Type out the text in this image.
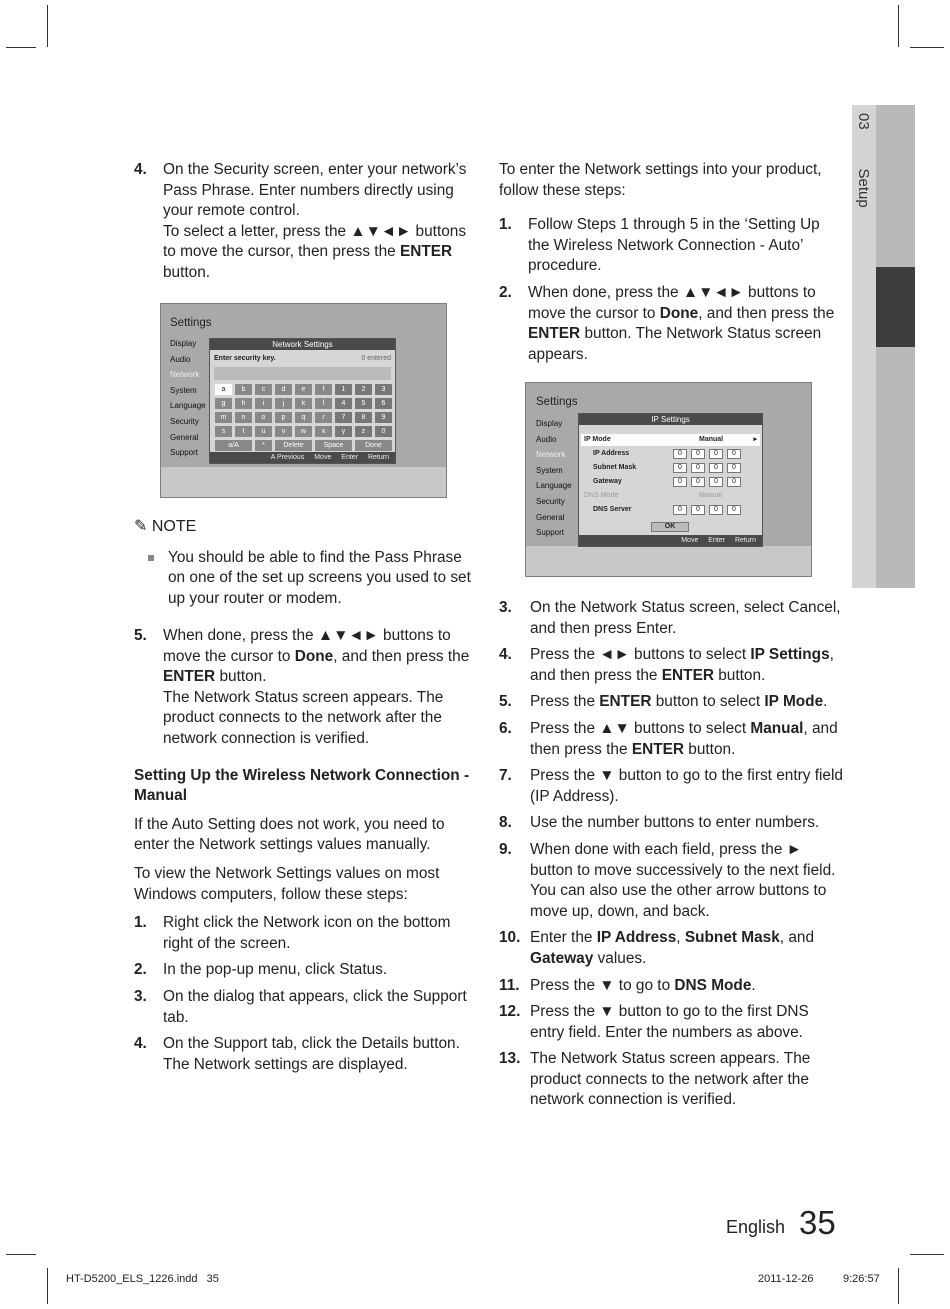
03     Setup
4. On the Security screen, enter your network’s Pass Phrase. Enter numbers directly using your remote control.
To select a letter, press the ▲▼◄► buttons to move the cursor, then press the ENTER button.
Settings
Display
Audio
Network
System
Language
Security
General
Support
Network Settings
Enter security key.	0 entered
a	b	c	d	e	f	1	2	3
g	h	i	j	k	l	4	5	6
m	n	o	p	q	r	7	8	9
s	t	u	v	w	x	y	z	0
a/A	*	Delete	Space	Done
A Previous Move Enter Return
✎ NOTE
You should be able to find the Pass Phrase on one of the set up screens you used to set up your router or modem.
5. When done, press the ▲▼◄► buttons to move the cursor to Done, and then press the ENTER button.
The Network Status screen appears. The product connects to the network after the network connection is verified.
Setting Up the Wireless Network Connection - Manual
If the Auto Setting does not work, you need to enter the Network settings values manually.
To view the Network Settings values on most Windows computers, follow these steps:
1. Right click the Network icon on the bottom right of the screen.
2. In the pop-up menu, click Status.
3. On the dialog that appears, click the Support tab.
4. On the Support tab, click the Details button. The Network settings are displayed.
To enter the Network settings into your product, follow these steps:
1. Follow Steps 1 through 5 in the ‘Setting Up the Wireless Network Connection - Auto’ procedure.
2. When done, press the ▲▼◄► buttons to move the cursor to Done, and then press the ENTER button. The Network Status screen appears.
Settings
Display
Audio
Network
System
Language
Security
General
Support
IP Settings
IP Mode	Manual	▸
IP Address	0	0	0	0
Subnet Mask	0	0	0	0
Gateway	0	0	0	0
DNS Mode	Manual
DNS Server	0	0	0	0
OK
Move Enter Return
3. On the Network Status screen, select Cancel, and then press Enter.
4. Press the ◄► buttons to select IP Settings, and then press the ENTER button.
5. Press the ENTER button to select IP Mode.
6. Press the ▲▼ buttons to select Manual, and then press the ENTER button.
7. Press the ▼ button to go to the first entry field (IP Address).
8. Use the number buttons to enter numbers.
9. When done with each field, press the ► button to move successively to the next field. You can also use the other arrow buttons to move up, down, and back.
10. Enter the IP Address, Subnet Mask, and Gateway values.
11. Press the ▼ to go to DNS Mode.
12. Press the ▼ button to go to the first DNS entry field. Enter the numbers as above.
13. The Network Status screen appears. The product connects to the network after the network connection is verified.
English 35
HT-D5200_ELS_1226.indd   35	2011-12-26	9:26:57
